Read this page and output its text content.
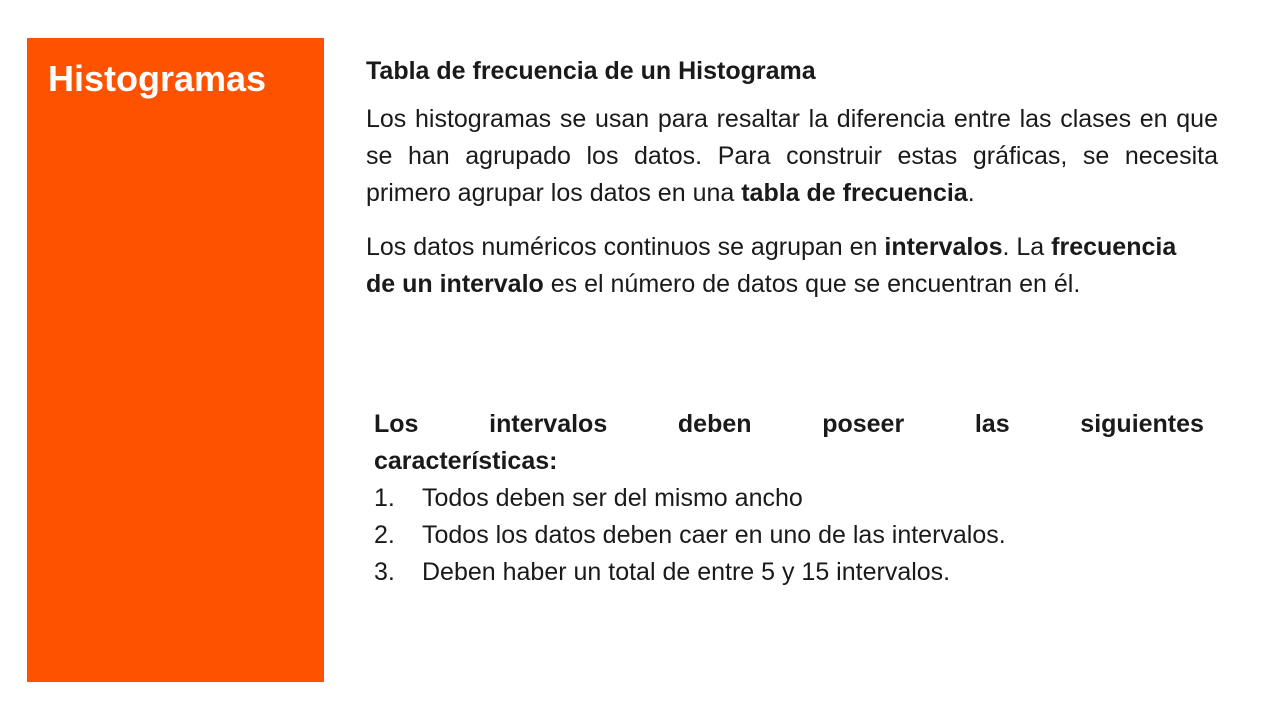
Histogramas	Tabla de frecuencia de un Histograma

Los histogramas se usan para resaltar la diferencia entre las clases en que se han agrupado los datos. Para construir estas gráficas, se necesita primero agrupar los datos en una tabla de frecuencia.

Los datos numéricos continuos se agrupan en intervalos. La frecuencia de un intervalo es el número de datos que se encuentran en él.

Los	intervalos	deben	poseer	las	siguientes
características:
1.	Todos deben ser del mismo ancho
2.	Todos los datos deben caer en uno de las intervalos.
3.	Deben haber un total de entre 5 y 15 intervalos.
